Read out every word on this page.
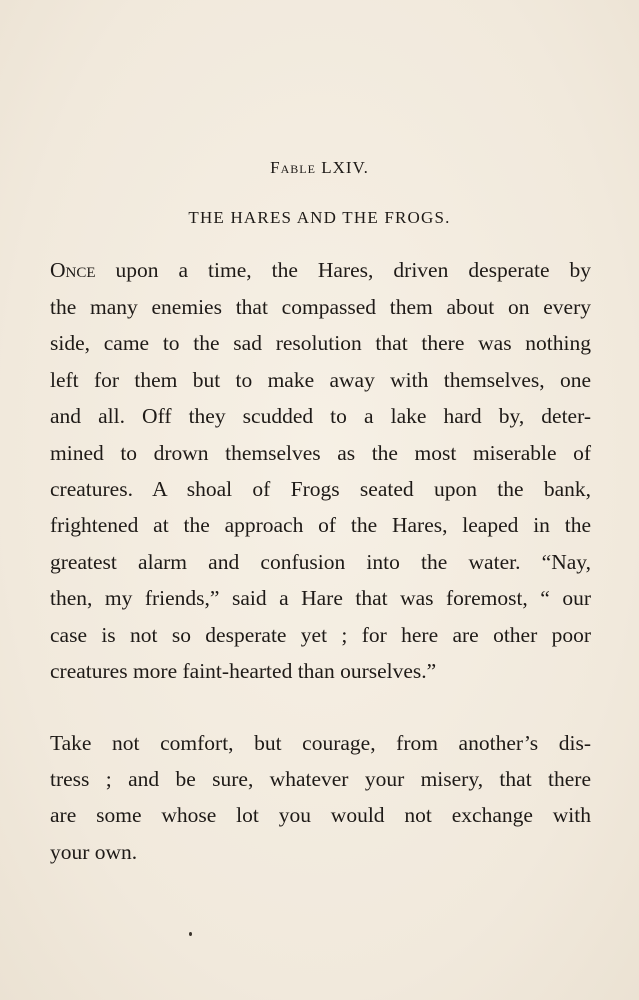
Fable LXIV.
THE HARES AND THE FROGS.
Once upon a time, the Hares, driven desperate by
the many enemies that compassed them about on every
side, came to the sad resolution that there was nothing
left for them but to make away with themselves, one
and all. Off they scudded to a lake hard by, deter-
mined to drown themselves as the most miserable of
creatures. A shoal of Frogs seated upon the bank,
frightened at the approach of the Hares, leaped in the
greatest alarm and confusion into the water. “Nay,
then, my friends,” said a Hare that was foremost, “ our
case is not so desperate yet ; for here are other poor
creatures more faint-hearted than ourselves.”
Take not comfort, but courage, from another’s dis-
tress ; and be sure, whatever your misery, that there
are some whose lot you would not exchange with
your own.
